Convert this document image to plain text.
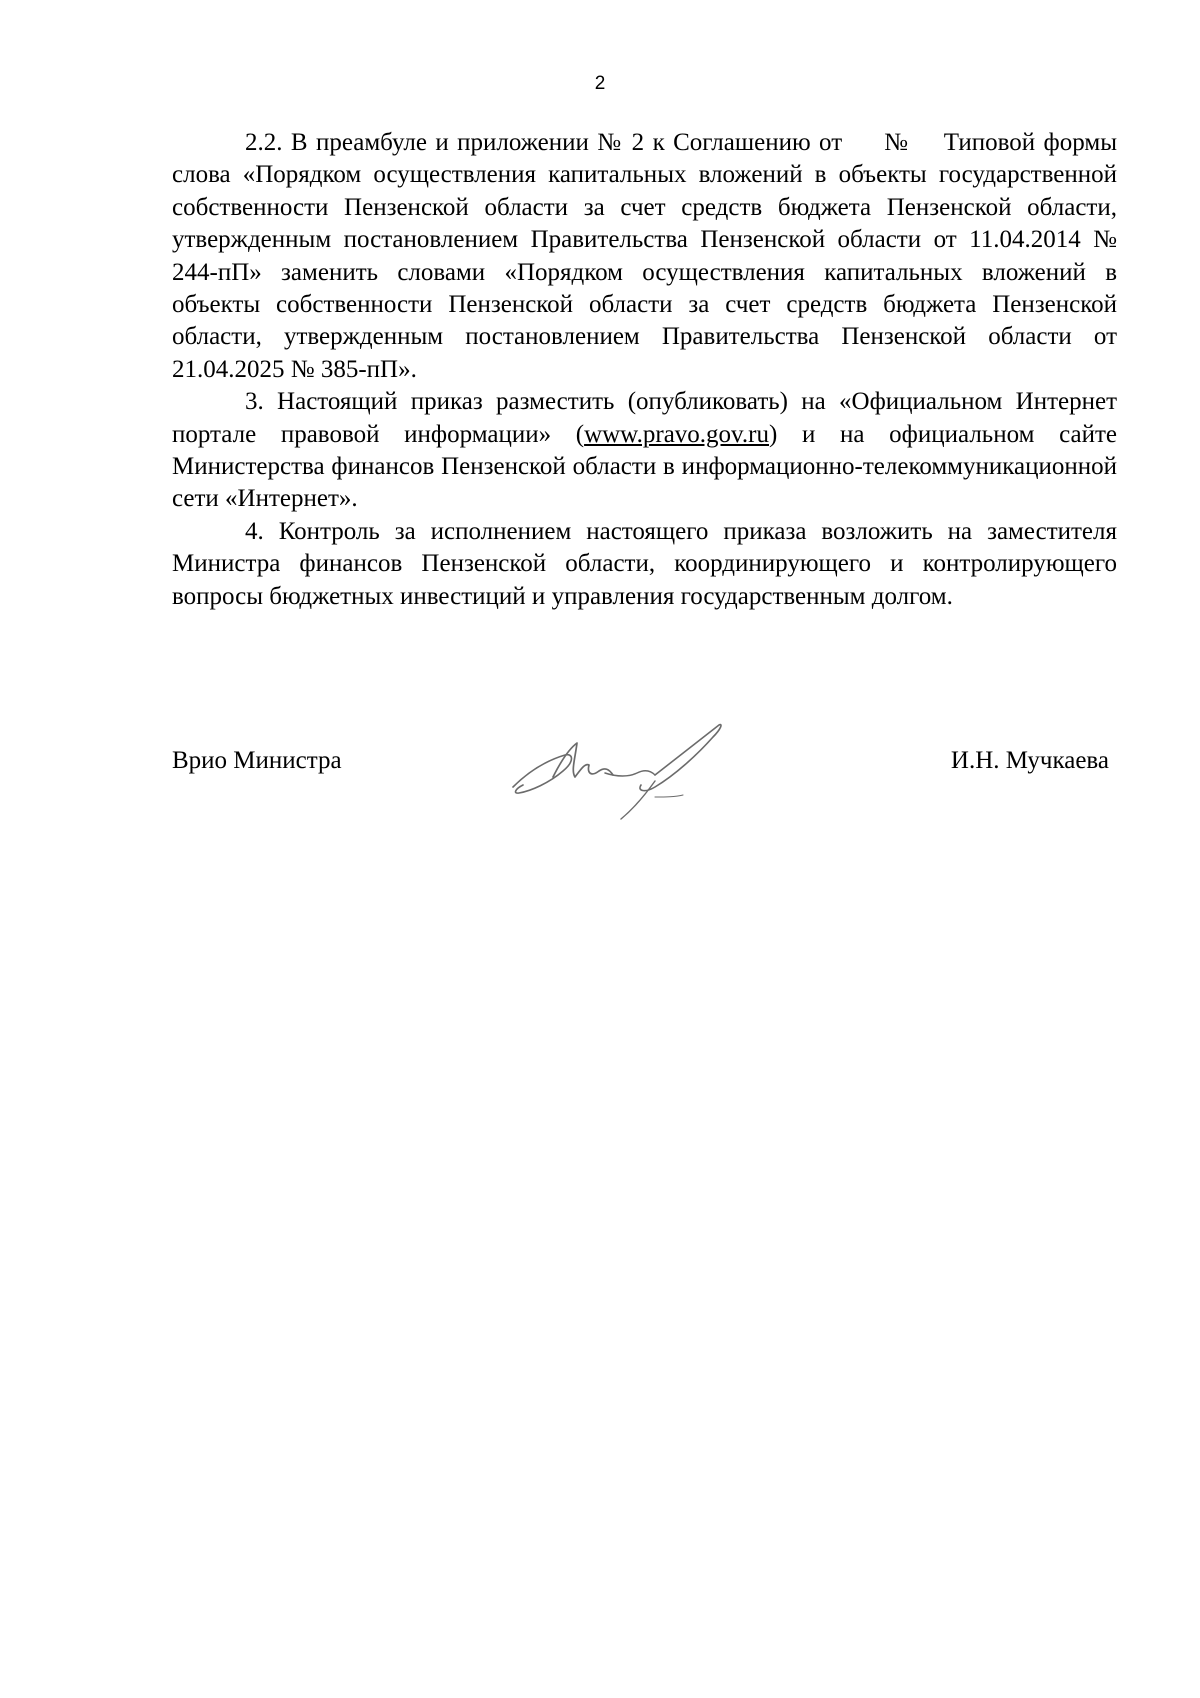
2

2.2. В преамбуле и приложении № 2 к Соглашению от     №    Типовой формы слова «Порядком осуществления капитальных вложений в объекты государственной собственности Пензенской области за счет средств бюджета Пензенской области, утвержденным постановлением Правительства Пензенской области от 11.04.2014 № 244-пП» заменить словами «Порядком осуществления капитальных вложений в объекты собственности Пензенской области за счет средств бюджета Пензенской области, утвержденным постановлением Правительства Пензенской области от 21.04.2025 № 385-пП».

3. Настоящий приказ разместить (опубликовать) на «Официальном Интернет портале правовой информации» (www.pravo.gov.ru) и на официальном сайте Министерства финансов Пензенской области в информационно-телекоммуникационной сети «Интернет».

4. Контроль за исполнением настоящего приказа возложить на заместителя Министра финансов Пензенской области, координирующего и контролирующего вопросы бюджетных инвестиций и управления государственным долгом.

Врио Министра	И.Н. Мучкаева
